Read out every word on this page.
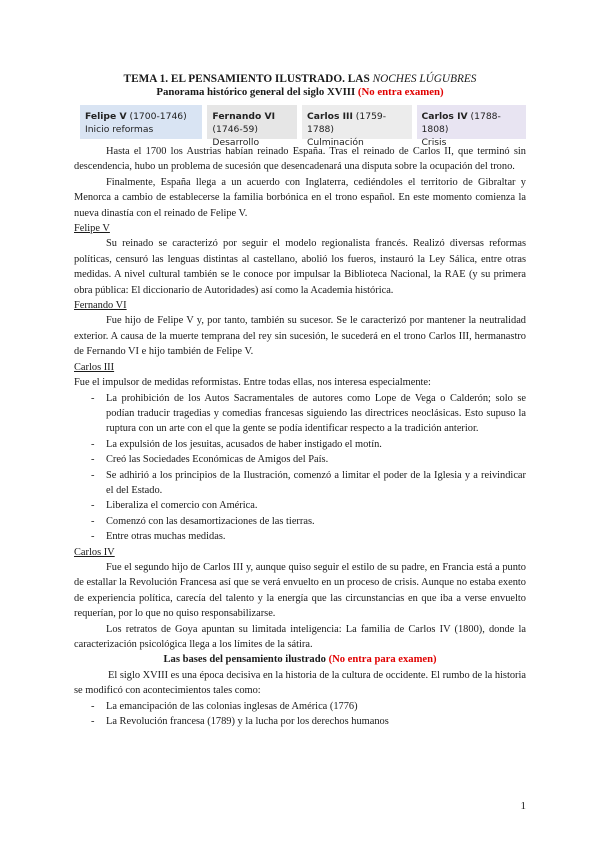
TEMA 1. EL PENSAMIENTO ILUSTRADO. LAS NOCHES LÚGUBRES
Panorama histórico general del siglo XVIII (No entra examen)
Felipe V (1700-1746)
Inicio reformas
Fernando VI (1746-59)
Desarrollo
Carlos III (1759-1788)
Culminación
Carlos IV (1788-1808)
Crisis

Hasta el 1700 los Austrias habían reinado España. Tras el reinado de Carlos II, que terminó sin descendencia, hubo un problema de sucesión que desencadenará una disputa sobre la ocupación del trono.

Finalmente, España llega a un acuerdo con Inglaterra, cediéndoles el territorio de Gibraltar y Menorca a cambio de establecerse la familia borbónica en el trono español. En este momento comienza la nueva dinastía con el reinado de Felipe V.

Felipe V

Su reinado se caracterizó por seguir el modelo regionalista francés. Realizó diversas reformas políticas, censuró las lenguas distintas al castellano, abolió los fueros, instauró la Ley Sálica, entre otras medidas. A nivel cultural también se le conoce por impulsar la Biblioteca Nacional, la RAE (y su primera obra pública: El diccionario de Autoridades) así como la Academia histórica.

Fernando VI

Fue hijo de Felipe V y, por tanto, también su sucesor. Se le caracterizó por mantener la neutralidad exterior. A causa de la muerte temprana del rey sin sucesión, le sucederá en el trono Carlos III, hermanastro de Fernando VI e hijo también de Felipe V.

Carlos III

Fue el impulsor de medidas reformistas. Entre todas ellas, nos interesa especialmente:

- La prohibición de los Autos Sacramentales de autores como Lope de Vega o Calderón; solo se podían traducir tragedias y comedias francesas siguiendo las directrices neoclásicas. Esto supuso la ruptura con un arte con el que la gente se podía identificar respecto a la tradición anterior.
- La expulsión de los jesuitas, acusados de haber instigado el motín.
- Creó las Sociedades Económicas de Amigos del País.
- Se adhirió a los principios de la Ilustración, comenzó a limitar el poder de la Iglesia y a reivindicar el del Estado.
- Liberaliza el comercio con América.
- Comenzó con las desamortizaciones de las tierras.
- Entre otras muchas medidas.
Carlos IV

Fue el segundo hijo de Carlos III y, aunque quiso seguir el estilo de su padre, en Francia está a punto de estallar la Revolución Francesa así que se verá envuelto en un proceso de crisis. Aunque no estaba exento de experiencia política, carecía del talento y la energía que las circunstancias en que iba a verse envuelto requerían, por lo que no quiso responsabilizarse.

Los retratos de Goya apuntan su limitada inteligencia: La familia de Carlos IV (1800), donde la caracterización psicológica llega a los límites de la sátira.

Las bases del pensamiento ilustrado (No entra para examen)

El siglo XVIII es una época decisiva en la historia de la cultura de occidente. El rumbo de la historia se modificó con acontecimientos tales como:

- La emancipación de las colonias inglesas de América (1776)
- La Revolución francesa (1789) y la lucha por los derechos humanos
1
